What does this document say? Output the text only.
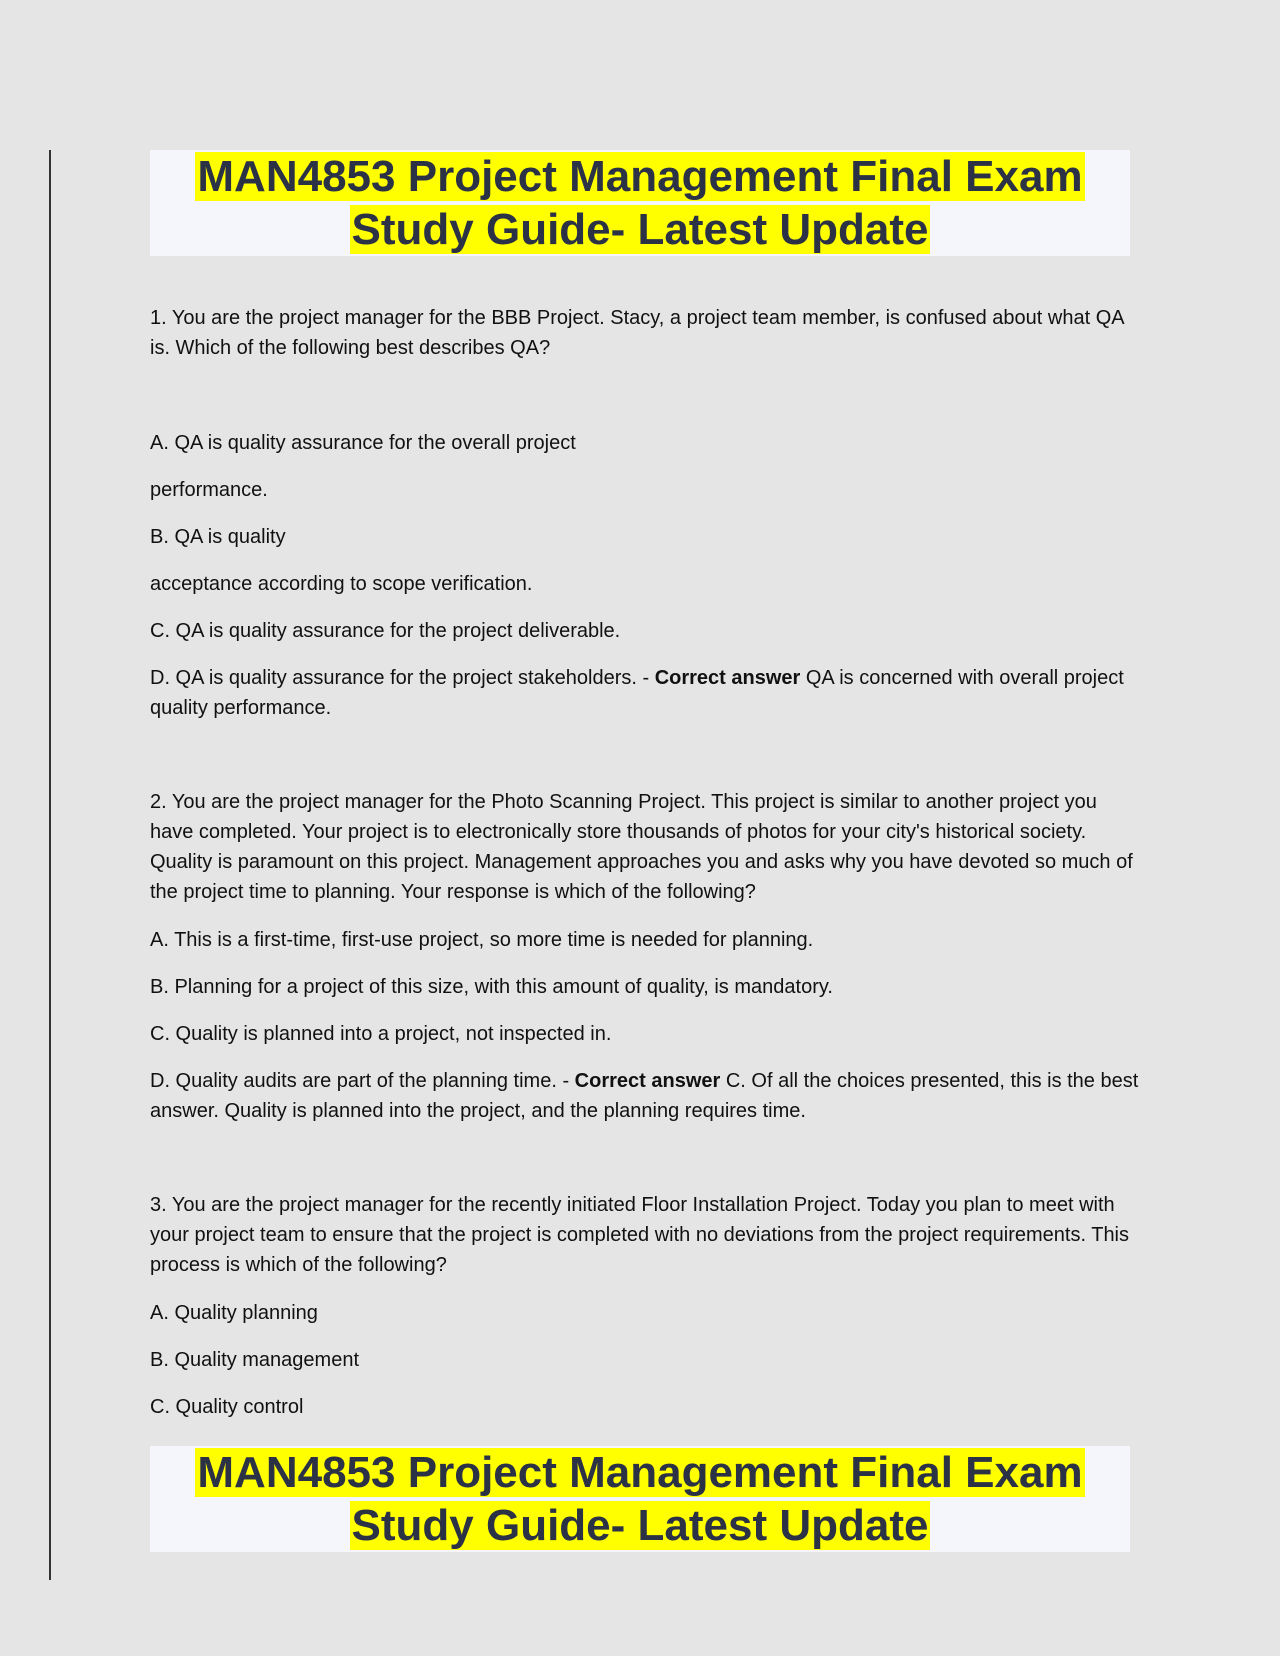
MAN4853 Project Management Final Exam
Study Guide- Latest Update
1. You are the project manager for the BBB Project. Stacy, a project team member, is confused about what QA is. Which of the following best describes QA?
A. QA is quality assurance for the overall project
performance.
B. QA is quality
acceptance according to scope verification.
C. QA is quality assurance for the project deliverable.
D. QA is quality assurance for the project stakeholders. - Correct answer QA is concerned with overall project quality performance.
2. You are the project manager for the Photo Scanning Project. This project is similar to another project you have completed. Your project is to electronically store thousands of photos for your city's historical society. Quality is paramount on this project. Management approaches you and asks why you have devoted so much of the project time to planning. Your response is which of the following?
A. This is a first-time, first-use project, so more time is needed for planning.
B. Planning for a project of this size, with this amount of quality, is mandatory.
C. Quality is planned into a project, not inspected in.
D. Quality audits are part of the planning time. - Correct answer C. Of all the choices presented, this is the best answer. Quality is planned into the project, and the planning requires time.
3. You are the project manager for the recently initiated Floor Installation Project. Today you plan to meet with your project team to ensure that the project is completed with no deviations from the project requirements. This process is which of the following?
A. Quality planning
B. Quality management
C. Quality control
MAN4853 Project Management Final Exam
Study Guide- Latest Update
